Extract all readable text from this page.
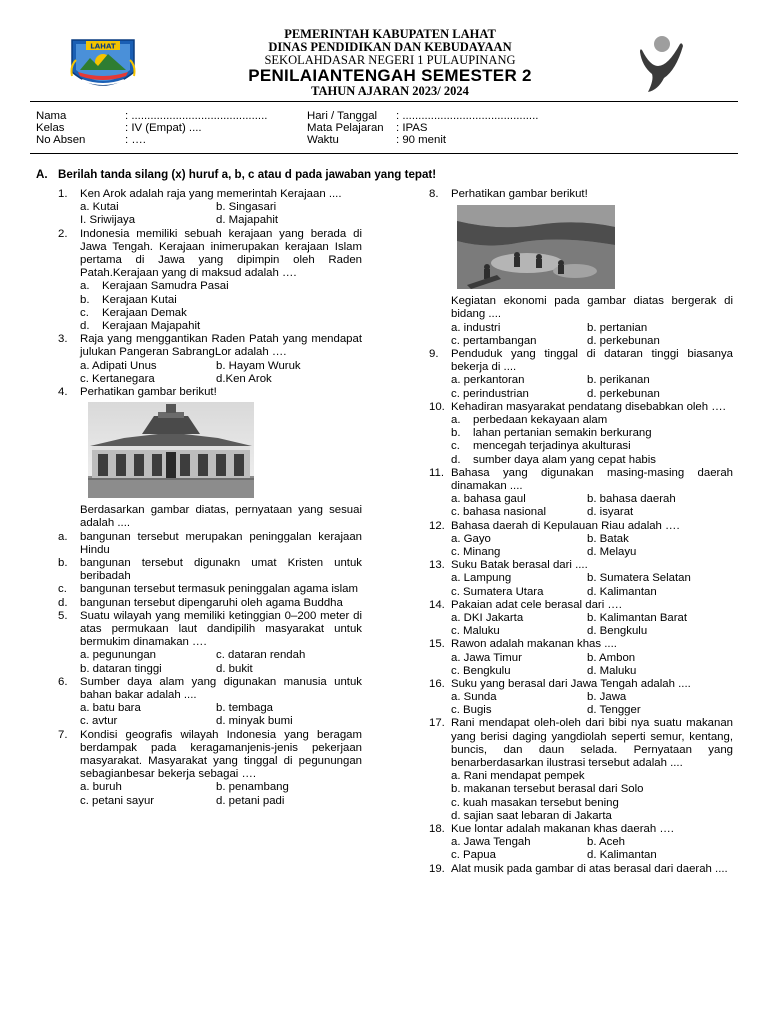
LAHAT
PEMERINTAH KABUPATEN LAHAT
DINAS PENDIDIKAN DAN KEBUDAYAAN
SEKOLAHDASAR NEGERI 1 PULAUPINANG
PENILAIANTENGAH SEMESTER 2
TAHUN AJARAN 2023/ 2024
Nama	: ...........................................
Kelas	: IV (Empat) ....
No Absen	: ….
Hari / Tanggal : ...........................................
Mata Pelajaran : IPAS
Waktu	: 90 menit
A. Berilah tanda silang (x) huruf a, b, c atau d pada jawaban yang tepat!
1. Ken Arok adalah raja yang memerintah Kerajaan ....
a. Kutai	b. Singasari
I. Sriwijaya	d. Majapahit
2. Indonesia memiliki sebuah kerajaan yang berada di Jawa Tengah. Kerajaan inimerupakan kerajaan Islam pertama di Jawa yang dipimpin oleh Raden Patah.Kerajaan yang di maksud adalah ….
a. Kerajaan Samudra Pasai
b. Kerajaan Kutai
c. Kerajaan Demak
d. Kerajaan Majapahit
3. Raja yang menggantikan Raden Patah yang mendapat julukan Pangeran SabrangLor adalah ….
a. Adipati Unus	b. Hayam Wuruk
c. Kertanegara	d.Ken Arok
4. Perhatikan gambar berikut!
Berdasarkan gambar diatas, pernyataan yang sesuai adalah ....
a. bangunan tersebut merupakan peninggalan kerajaan Hindu
b. bangunan tersebut digunakn umat Kristen untuk beribadah
c. bangunan tersebut termasuk peninggalan agama islam
d. bangunan tersebut dipengaruhi oleh agama Buddha
5. Suatu wilayah yang memiliki ketinggian 0–200 meter di atas permukaan laut dandipilih masyarakat untuk bermukim dinamakan ….
a. pegunungan	c. dataran rendah
b. dataran tinggi	d. bukit
6. Sumber daya alam yang digunakan manusia untuk bahan bakar adalah ....
a. batu bara	b. tembaga
c. avtur	d. minyak bumi
7. Kondisi geografis wilayah Indonesia yang beragam berdampak pada keragamanjenis-jenis pekerjaan masyarakat. Masyarakat yang tinggal di pegunungan sebagianbesar bekerja sebagai ….
a. buruh	b. penambang
c. petani sayur	d. petani padi
8. Perhatikan gambar berikut!
Kegiatan ekonomi pada gambar diatas bergerak di bidang ....
a. industri	b. pertanian
c. pertambangan	d. perkebunan
9. Penduduk yang tinggal di dataran tinggi biasanya bekerja di ....
a. perkantoran	b. perikanan
c. perindustrian	d. perkebunan
10. Kehadiran masyarakat pendatang disebabkan oleh ….
a. perbedaan kekayaan alam
b. lahan pertanian semakin berkurang
c. mencegah terjadinya akulturasi
d. sumber daya alam yang cepat habis
11. Bahasa yang digunakan masing-masing daerah dinamakan ....
a. bahasa gaul	b. bahasa daerah
c. bahasa nasional	d. isyarat
12. Bahasa daerah di Kepulauan Riau adalah ….
a. Gayo	b. Batak
c. Minang	d. Melayu
13. Suku Batak berasal dari ....
a. Lampung	b. Sumatera Selatan
c. Sumatera Utara	d. Kalimantan
14. Pakaian adat cele berasal dari ….
a. DKI Jakarta	b. Kalimantan Barat
c. Maluku	d. Bengkulu
15. Rawon adalah makanan khas ....
a. Jawa Timur	b. Ambon
c. Bengkulu	d. Maluku
16. Suku yang berasal dari Jawa Tengah adalah ....
a. Sunda	b. Jawa
c. Bugis	d. Tengger
17. Rani mendapat oleh-oleh dari bibi nya suatu makanan yang berisi daging yangdiolah seperti semur, kentang, buncis, dan daun selada. Pernyataan yang benarberdasarkan ilustrasi tersebut adalah ....
a. Rani mendapat pempek
b. makanan tersebut berasal dari Solo
c. kuah masakan tersebut bening
d. sajian saat lebaran di Jakarta
18. Kue lontar adalah makanan khas daerah ….
a. Jawa Tengah	b. Aceh
c. Papua	d. Kalimantan
19. Alat musik pada gambar di atas berasal dari daerah ....
